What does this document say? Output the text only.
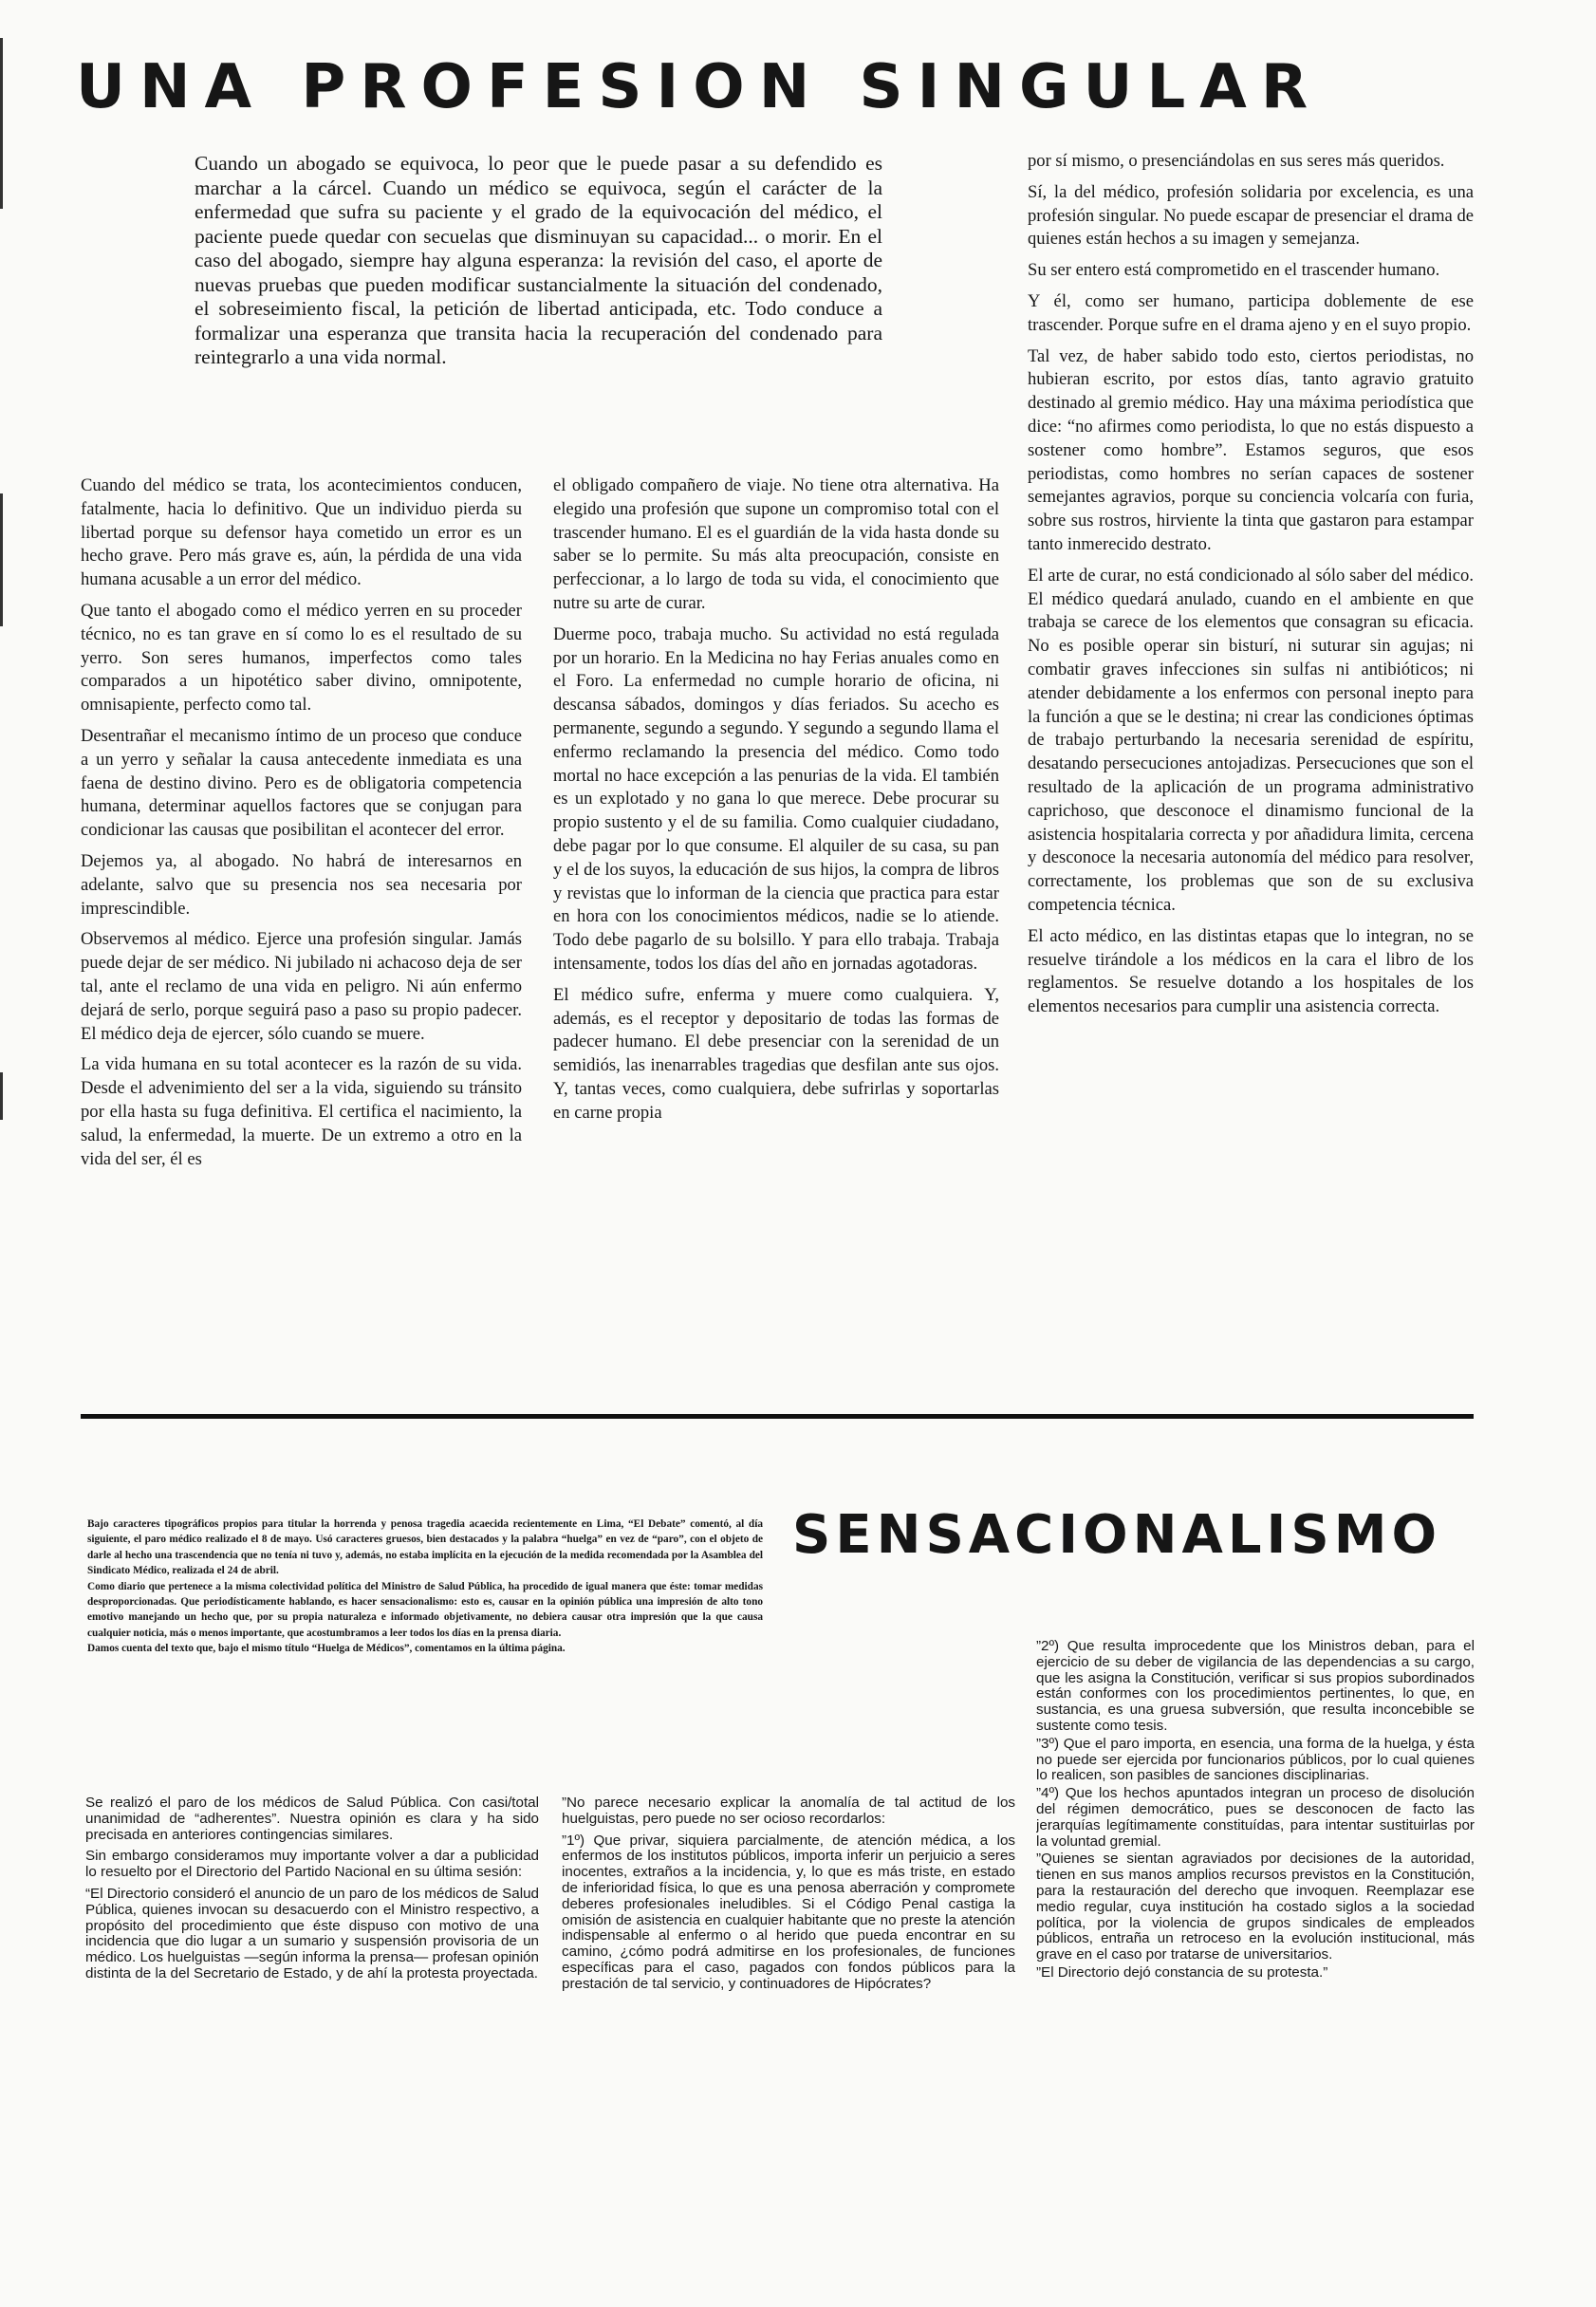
UNA PROFESION SINGULAR

Cuando un abogado se equivoca, lo peor que le puede pasar a su defendido es marchar a la cárcel. Cuando un médico se equivoca, según el carácter de la enfermedad que sufra su paciente y el grado de la equivocación del médico, el paciente puede quedar con secuelas que disminuyan su capacidad... o morir. En el caso del abogado, siempre hay alguna esperanza: la revisión del caso, el aporte de nuevas pruebas que pueden modificar sustancialmente la situación del condenado, el sobreseimiento fiscal, la petición de libertad anticipada, etc. Todo conduce a formalizar una esperanza que transita hacia la recuperación del condenado para reintegrarlo a una vida normal.

Cuando del médico se trata, los acontecimientos conducen, fatalmente, hacia lo definitivo. Que un individuo pierda su libertad porque su defensor haya cometido un error es un hecho grave. Pero más grave es, aún, la pérdida de una vida humana acusable a un error del médico.

Que tanto el abogado como el médico yerren en su proceder técnico, no es tan grave en sí como lo es el resultado de su yerro. Son seres humanos, imperfectos como tales comparados a un hipotético saber divino, omnipotente, omnisapiente, perfecto como tal.

Desentrañar el mecanismo íntimo de un proceso que conduce a un yerro y señalar la causa antecedente inmediata es una faena de destino divino. Pero es de obligatoria competencia humana, determinar aquellos factores que se conjugan para condicionar las causas que posibilitan el acontecer del error.

Dejemos ya, al abogado. No habrá de interesarnos en adelante, salvo que su presencia nos sea necesaria por imprescindible.

Observemos al médico. Ejerce una profesión singular. Jamás puede dejar de ser médico. Ni jubilado ni achacoso deja de ser tal, ante el reclamo de una vida en peligro. Ni aún enfermo dejará de serlo, porque seguirá paso a paso su propio padecer. El médico deja de ejercer, sólo cuando se muere.

La vida humana en su total acontecer es la razón de su vida. Desde el advenimiento del ser a la vida, siguiendo su tránsito por ella hasta su fuga definitiva. El certifica el nacimiento, la salud, la enfermedad, la muerte. De un extremo a otro en la vida del ser, él es

el obligado compañero de viaje. No tiene otra alternativa. Ha elegido una profesión que supone un compromiso total con el trascender humano. El es el guardián de la vida hasta donde su saber se lo permite. Su más alta preocupación, consiste en perfeccionar, a lo largo de toda su vida, el conocimiento que nutre su arte de curar.

Duerme poco, trabaja mucho. Su actividad no está regulada por un horario. En la Medicina no hay Ferias anuales como en el Foro. La enfermedad no cumple horario de oficina, ni descansa sábados, domingos y días feriados. Su acecho es permanente, segundo a segundo. Y segundo a segundo llama el enfermo reclamando la presencia del médico. Como todo mortal no hace excepción a las penurias de la vida. El también es un explotado y no gana lo que merece. Debe procurar su propio sustento y el de su familia. Como cualquier ciudadano, debe pagar por lo que consume. El alquiler de su casa, su pan y el de los suyos, la educación de sus hijos, la compra de libros y revistas que lo informan de la ciencia que practica para estar en hora con los conocimientos médicos, nadie se lo atiende. Todo debe pagarlo de su bolsillo. Y para ello trabaja. Trabaja intensamente, todos los días del año en jornadas agotadoras.

El médico sufre, enferma y muere como cualquiera. Y, además, es el receptor y depositario de todas las formas de padecer humano. El debe presenciar con la serenidad de un semidiós, las inenarrables tragedias que desfilan ante sus ojos. Y, tantas veces, como cualquiera, debe sufrirlas y soportarlas en carne propia

por sí mismo, o presenciándolas en sus seres más queridos.

Sí, la del médico, profesión solidaria por excelencia, es una profesión singular. No puede escapar de presenciar el drama de quienes están hechos a su imagen y semejanza.

Su ser entero está comprometido en el trascender humano.

Y él, como ser humano, participa doblemente de ese trascender. Porque sufre en el drama ajeno y en el suyo propio.

Tal vez, de haber sabido todo esto, ciertos periodistas, no hubieran escrito, por estos días, tanto agravio gratuito destinado al gremio médico. Hay una máxima periodística que dice: “no afirmes como periodista, lo que no estás dispuesto a sostener como hombre”. Estamos seguros, que esos periodistas, como hombres no serían capaces de sostener semejantes agravios, porque su conciencia volcaría con furia, sobre sus rostros, hirviente la tinta que gastaron para estampar tanto inmerecido destrato.

El arte de curar, no está condicionado al sólo saber del médico. El médico quedará anulado, cuando en el ambiente en que trabaja se carece de los elementos que consagran su eficacia. No es posible operar sin bisturí, ni suturar sin agujas; ni combatir graves infecciones sin sulfas ni antibióticos; ni atender debidamente a los enfermos con personal inepto para la función a que se le destina; ni crear las condiciones óptimas de trabajo perturbando la necesaria serenidad de espíritu, desatando persecuciones antojadizas. Persecuciones que son el resultado de la aplicación de un programa administrativo caprichoso, que desconoce el dinamismo funcional de la asistencia hospitalaria correcta y por añadidura limita, cercena y desconoce la necesaria autonomía del médico para resolver, correctamente, los problemas que son de su exclusiva competencia técnica.

El acto médico, en las distintas etapas que lo integran, no se resuelve tirándole a los médicos en la cara el libro de los reglamentos. Se resuelve dotando a los hospitales de los elementos necesarios para cumplir una asistencia correcta.

Bajo caracteres tipográficos propios para titular la horrenda y penosa tragedia acaecida recientemente en Lima, “El Debate” comentó, al día siguiente, el paro médico realizado el 8 de mayo. Usó caracteres gruesos, bien destacados y la palabra “huelga” en vez de “paro”, con el objeto de darle al hecho una trascendencia que no tenía ni tuvo y, además, no estaba implícita en la ejecución de la medida recomendada por la Asamblea del Sindicato Médico, realizada el 24 de abril.

Como diario que pertenece a la misma colectividad política del Ministro de Salud Pública, ha procedido de igual manera que éste: tomar medidas desproporcionadas. Que periodísticamente hablando, es hacer sensacionalismo: esto es, causar en la opinión pública una impresión de alto tono emotivo manejando un hecho que, por su propia naturaleza e informado objetivamente, no debiera causar otra impresión que la que causa cualquier noticia, más o menos importante, que acostumbramos a leer todos los días en la prensa diaria.

Damos cuenta del texto que, bajo el mismo título “Huelga de Médicos”, comentamos en la última página.

SENSACIONALISMO

Se realizó el paro de los médicos de Salud Pública. Con casi/total unanimidad de “adherentes”. Nuestra opinión es clara y ha sido precisada en anteriores contingencias similares.

Sin embargo consideramos muy importante volver a dar a publicidad lo resuelto por el Directorio del Partido Nacional en su última sesión:

“El Directorio consideró el anuncio de un paro de los médicos de Salud Pública, quienes invocan su desacuerdo con el Ministro respectivo, a propósito del procedimiento que éste dispuso con motivo de una incidencia que dio lugar a un sumario y suspensión provisoria de un médico. Los huelguistas —según informa la prensa— profesan opinión distinta de la del Secretario de Estado, y de ahí la protesta proyectada.

”No parece necesario explicar la anomalía de tal actitud de los huelguistas, pero puede no ser ocioso recordarlos:

”1º) Que privar, siquiera parcialmente, de atención médica, a los enfermos de los institutos públicos, importa inferir un perjuicio a seres inocentes, extraños a la incidencia, y, lo que es más triste, en estado de inferioridad física, lo que es una penosa aberración y compromete deberes profesionales ineludibles. Si el Código Penal castiga la omisión de asistencia en cualquier habitante que no preste la atención indispensable al enfermo o al herido que pueda encontrar en su camino, ¿cómo podrá admitirse en los profesionales, de funciones específicas para el caso, pagados con fondos públicos para la prestación de tal servicio, y continuadores de Hipócrates?

”2º) Que resulta improcedente que los Ministros deban, para el ejercicio de su deber de vigilancia de las dependencias a su cargo, que les asigna la Constitución, verificar si sus propios subordinados están conformes con los procedimientos pertinentes, lo que, en sustancia, es una gruesa subversión, que resulta inconcebible se sustente como tesis.

”3º) Que el paro importa, en esencia, una forma de la huelga, y ésta no puede ser ejercida por funcionarios públicos, por lo cual quienes lo realicen, son pasibles de sanciones disciplinarias.

”4º) Que los hechos apuntados integran un proceso de disolución del régimen democrático, pues se desconocen de facto las jerarquías legítimamente constituídas, para intentar sustituirlas por la voluntad gremial.

”Quienes se sientan agraviados por decisiones de la autoridad, tienen en sus manos amplios recursos previstos en la Constitución, para la restauración del derecho que invoquen. Reemplazar ese medio regular, cuya institución ha costado siglos a la sociedad política, por la violencia de grupos sindicales de empleados públicos, entraña un retroceso en la evolución institucional, más grave en el caso por tratarse de universitarios.

”El Directorio dejó constancia de su protesta.”
